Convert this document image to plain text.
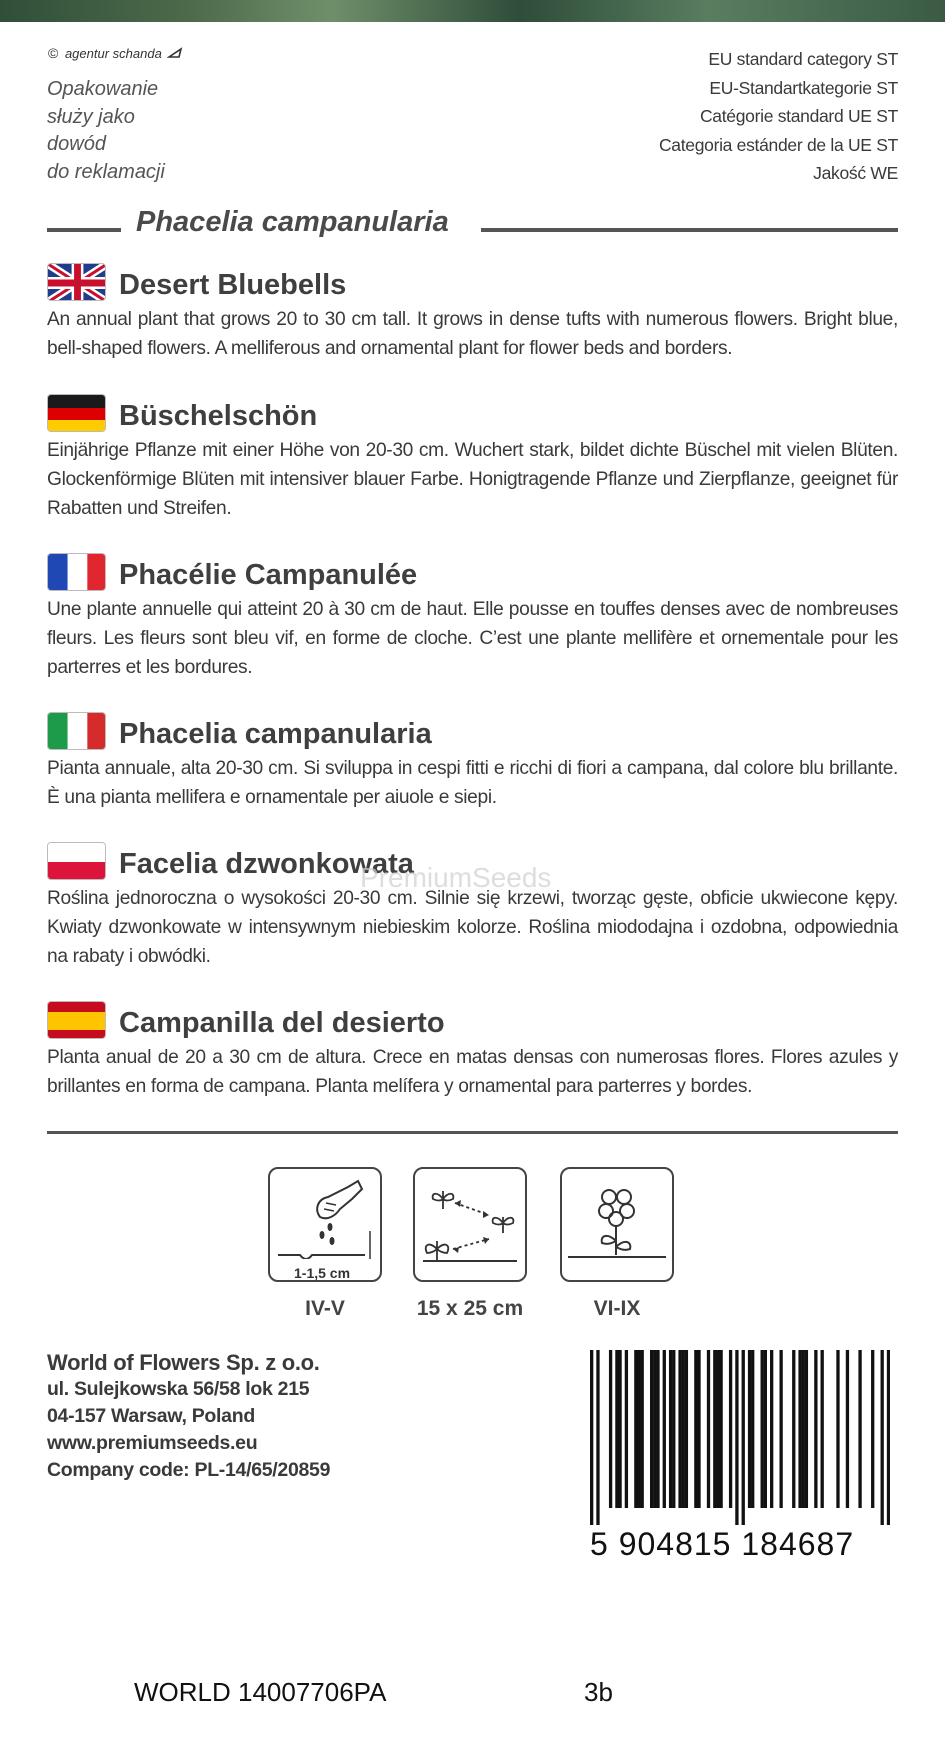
© agentur schanda
Opakowanie
służy jako
dowód
do reklamacji
EU standard category ST
EU-Standartkategorie ST
Catégorie standard UE ST
Categoria estánder de la UE ST
Jakość WE
Phacelia campanularia
Desert Bluebells

An annual plant that grows 20 to 30 cm tall. It grows in dense tufts with numerous flowers. Bright blue, bell-shaped flowers. A melliferous and ornamental plant for flower beds and borders.

Büschelschön

Einjährige Pflanze mit einer Höhe von 20-30 cm. Wuchert stark, bildet dichte Büschel mit vielen Blüten. Glockenförmige Blüten mit intensiver blauer Farbe. Honigtragende Pflanze und Zierpflanze, geeignet für Rabatten und Streifen.

Phacélie Campanulée

Une plante annuelle qui atteint 20 à 30 cm de haut. Elle pousse en touffes denses avec de nombreuses fleurs. Les fleurs sont bleu vif, en forme de cloche. C’est une plante mellifère et ornementale pour les parterres et les bordures.

Phacelia campanularia

Pianta annuale, alta 20-30 cm. Si sviluppa in cespi fitti e ricchi di fiori a campana, dal colore blu brillante. È una pianta mellifera e ornamentale per aiuole e siepi.

Facelia dzwonkowata

Roślina jednoroczna o wysokości 20-30 cm. Silnie się krzewi, tworząc gęste, obficie ukwiecone kępy. Kwiaty dzwonkowate w intensywnym niebieskim kolorze. Roślina miododajna i ozdobna, odpowiednia na rabaty i obwódki.

Campanilla del desierto

Planta anual de 20 a 30 cm de altura. Crece en matas densas con numerosas flores. Flores azules y brillantes en forma de campana. Planta melífera y ornamental para parterres y bordes.

PremiumSeeds
1-1,5 cm
IV-V	15 x 25 cm	VI-IX
World of Flowers Sp. z o.o.
ul. Sulejkowska 56/58 lok 215
04-157 Warsaw, Poland
www.premiumseeds.eu
Company code: PL-14/65/20859
5 904815 184687
WORLD 14007706PA	3b
